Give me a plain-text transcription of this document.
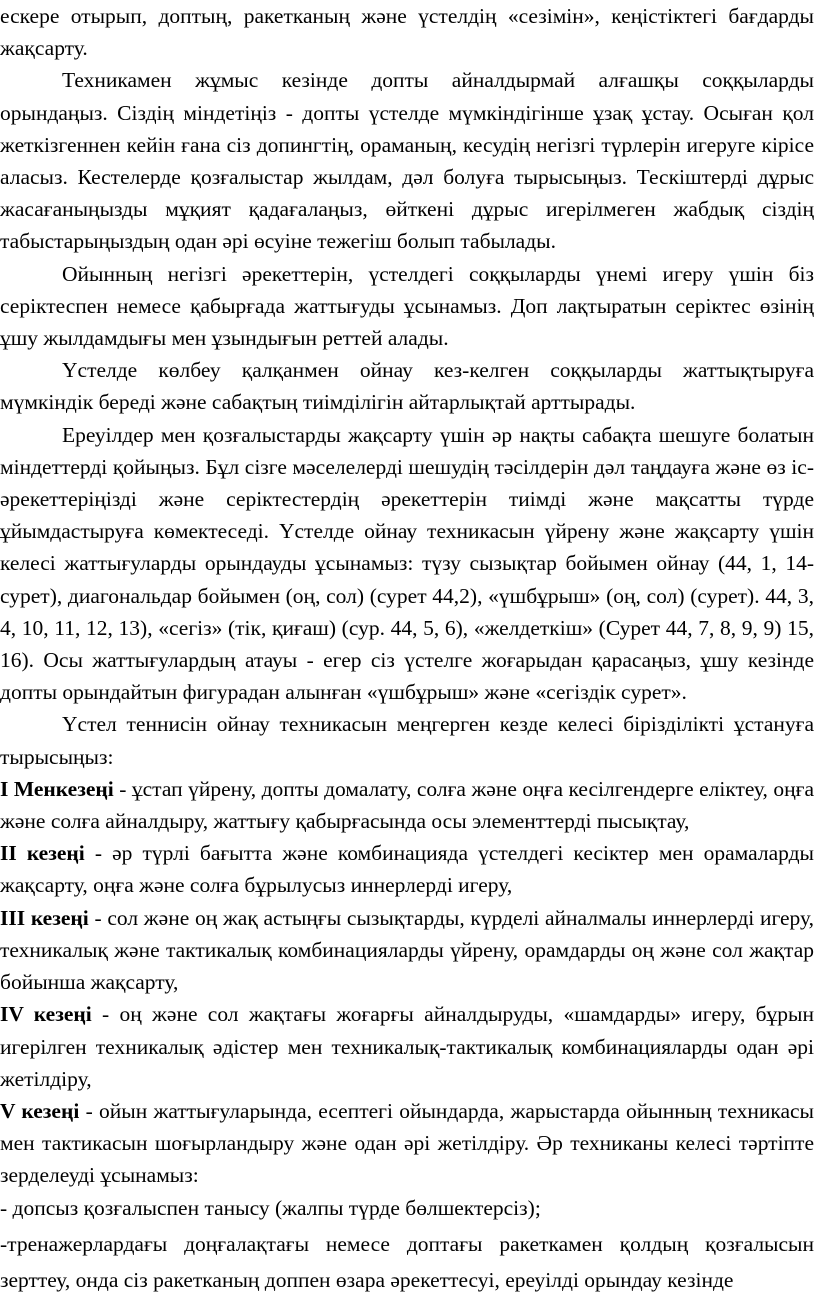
ескере отырып, доптың, ракетканың және үстелдің «сезімін», кеңістіктегі бағдарды жақсарту.

Техникамен жұмыс кезінде допты айналдырмай алғашқы соққыларды орындаңыз. Сіздің міндетіңіз - допты үстелде мүмкіндігінше ұзақ ұстау. Осыған қол жеткізгеннен кейін ғана сіз допингтің, ораманың, кесудің негізгі түрлерін игеруге кірісе аласыз. Кестелерде қозғалыстар жылдам, дәл болуға тырысыңыз. Тескіштерді дұрыс жасағаныңызды мұқият қадағалаңыз, өйткені дұрыс игерілмеген жабдық сіздің табыстарыңыздың одан әрі өсуіне тежегіш болып табылады.

Ойынның негізгі әрекеттерін, үстелдегі соққыларды үнемі игеру үшін біз серіктеспен немесе қабырғада жаттығуды ұсынамыз. Доп лақтыратын серіктес өзінің ұшу жылдамдығы мен ұзындығын реттей алады.

Үстелде көлбеу қалқанмен ойнау кез-келген соққыларды жаттықтыруға мүмкіндік береді және сабақтың тиімділігін айтарлықтай арттырады.

Ереуілдер мен қозғалыстарды жақсарту үшін әр нақты сабақта шешуге болатын міндеттерді қойыңыз. Бұл сізге мәселелерді шешудің тәсілдерін дәл таңдауға және өз іс-әрекеттеріңізді және серіктестердің әрекеттерін тиімді және мақсатты түрде ұйымдастыруға көмектеседі. Үстелде ойнау техникасын үйрену және жақсарту үшін келесі жаттығуларды орындауды ұсынамыз: түзу сызықтар бойымен ойнау (44, 1, 14-сурет), диагональдар бойымен (оң, сол) (сурет 44,2), «үшбұрыш» (оң, сол) (сурет). 44, 3, 4, 10, 11, 12, 13), «сегіз» (тік, қиғаш) (сур. 44, 5, 6), «желдеткіш» (Сурет 44, 7, 8, 9, 9) 15, 16). Осы жаттығулардың атауы - егер сіз үстелге жоғарыдан қарасаңыз, ұшу кезінде допты орындайтын фигурадан алынған «үшбұрыш» және «сегіздік сурет».

Үстел теннисін ойнау техникасын меңгерген кезде келесі бірізділікті ұстануға тырысыңыз:

І Менкезеңі - ұстап үйрену, допты домалату, солға және оңға кесілгендерге еліктеу, оңға және солға айналдыру, жаттығу қабырғасында осы элементтерді пысықтау,

ІІ кезеңі - әр түрлі бағытта және комбинацияда үстелдегі кесіктер мен орамаларды жақсарту, оңға және солға бұрылусыз иннерлерді игеру,

ІІІ кезеңі - сол және оң жақ астыңғы сызықтарды, күрделі айналмалы иннерлерді игеру, техникалық және тактикалық комбинацияларды үйрену, орамдарды оң және сол жақтар бойынша жақсарту,

IV кезеңі - оң және сол жақтағы жоғарғы айналдыруды, «шамдарды» игеру, бұрын игерілген техникалық әдістер мен техникалық-тактикалық комбинацияларды одан әрі жетілдіру,

V кезеңі - ойын жаттығуларында, есептегі ойындарда, жарыстарда ойынның техникасы мен тактикасын шоғырландыру және одан әрі жетілдіру. Әр техниканы келесі тәртіпте зерделеуді ұсынамыз:

- допсыз қозғалыспен танысу (жалпы түрде бөлшектерсіз);

-тренажерлардағы доңғалақтағы немесе доптағы ракеткамен қолдың қозғалысын зерттеу, онда сіз ракетканың доппен өзара әрекеттесуі, ереуілді орындау кезінде
